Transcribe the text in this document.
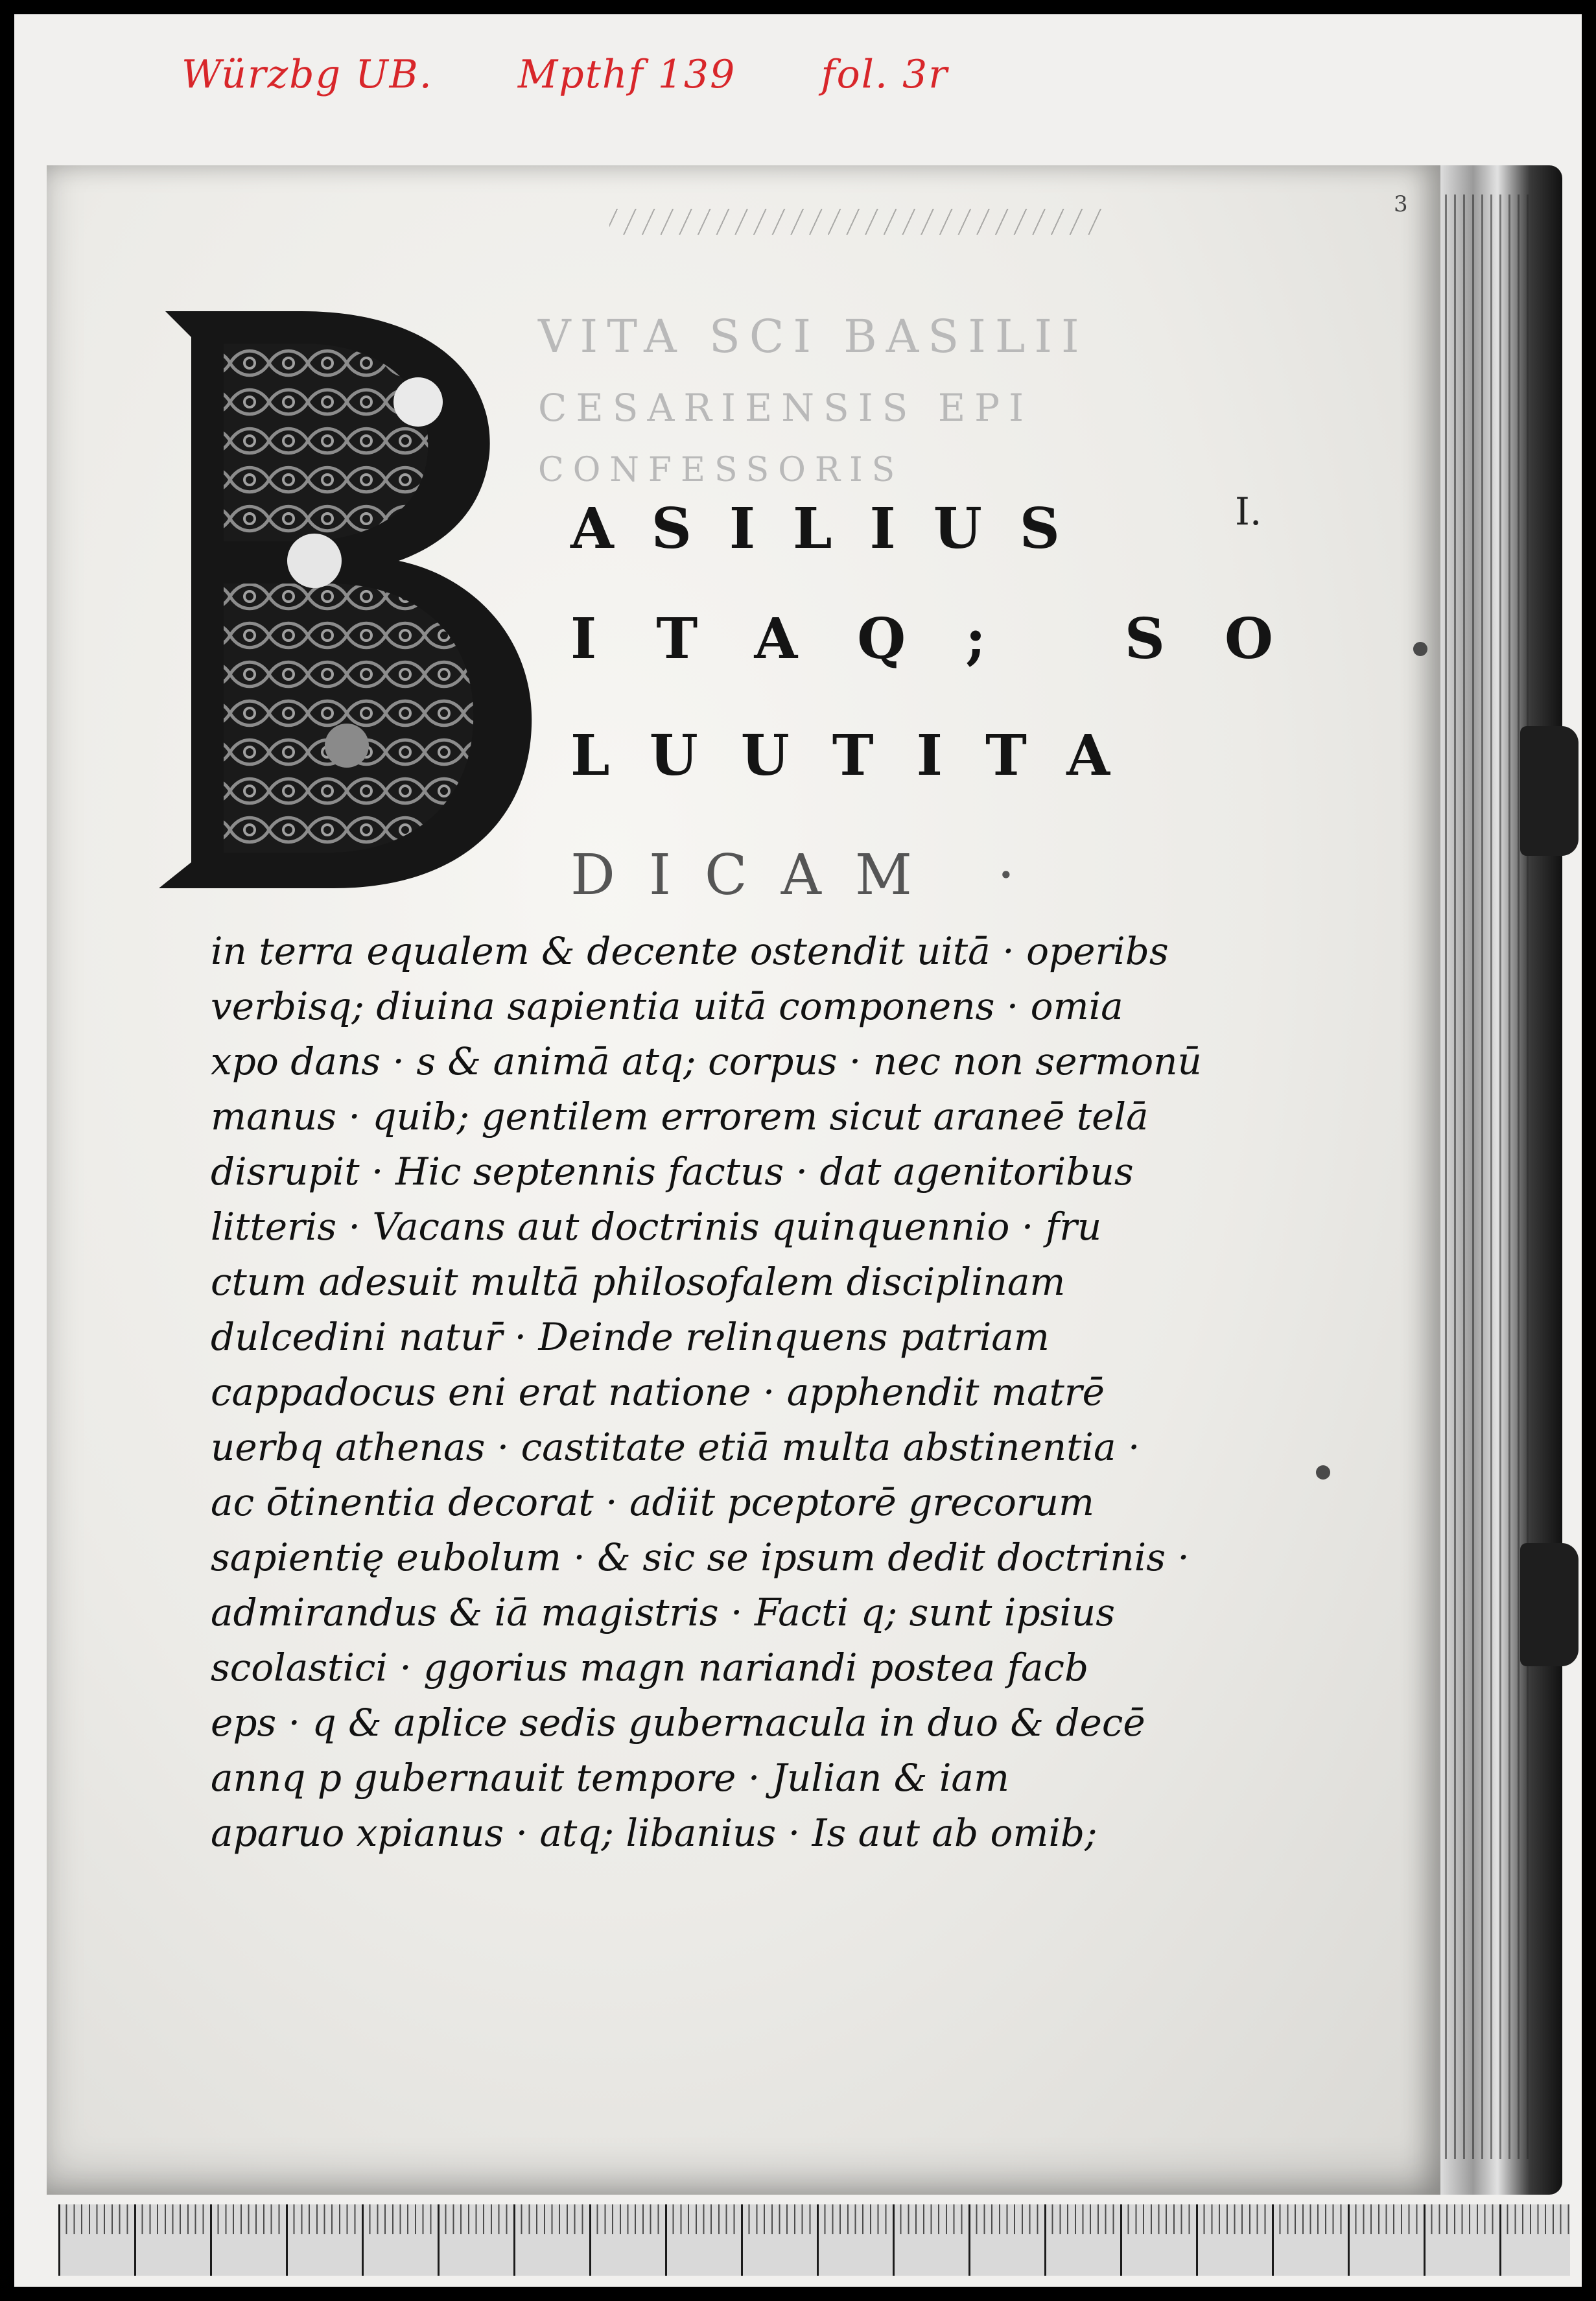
Würzbg UB. Mpthf 139 fol. 3r
3
VITA SCI BASILII
CESARIENSIS EPI
CONFESSORIS
I.
ASILIUS
ITAQ; SO
LUUTITA
DICAM ·
in terra equalem & decente ostendit uitā · operibs
verbisq; diuina sapientia uitā componens · omia
xpo dans · s & animā atq; corpus · nec non sermonū
manus · quib; gentilem errorem sicut araneē telā
disrupit · Hic septennis factus · dat agenitoribus
litteris · Vacans aut doctrinis quinquennio · fru
ctum adesuit multā philosofalem disciplinam
dulcedini natur̄ · Deinde relinquens patriam
cappadocus eni erat natione · apphendit matrē
uerbq athenas · castitate etiā multa abstinentia ·
ac ōtinentia decorat · adiit pceptorē grecorum
sapientię eubolum · & sic se ipsum dedit doctrinis ·
admirandus & iā magistris · Facti q; sunt ipsius
scolastici · ggorius magn nariandi postea facb
eps · q & aplice sedis gubernacula in duo & decē
annq p gubernauit tempore · Julian & iam
aparuo xpianus · atq; libanius · Is aut ab omib;
